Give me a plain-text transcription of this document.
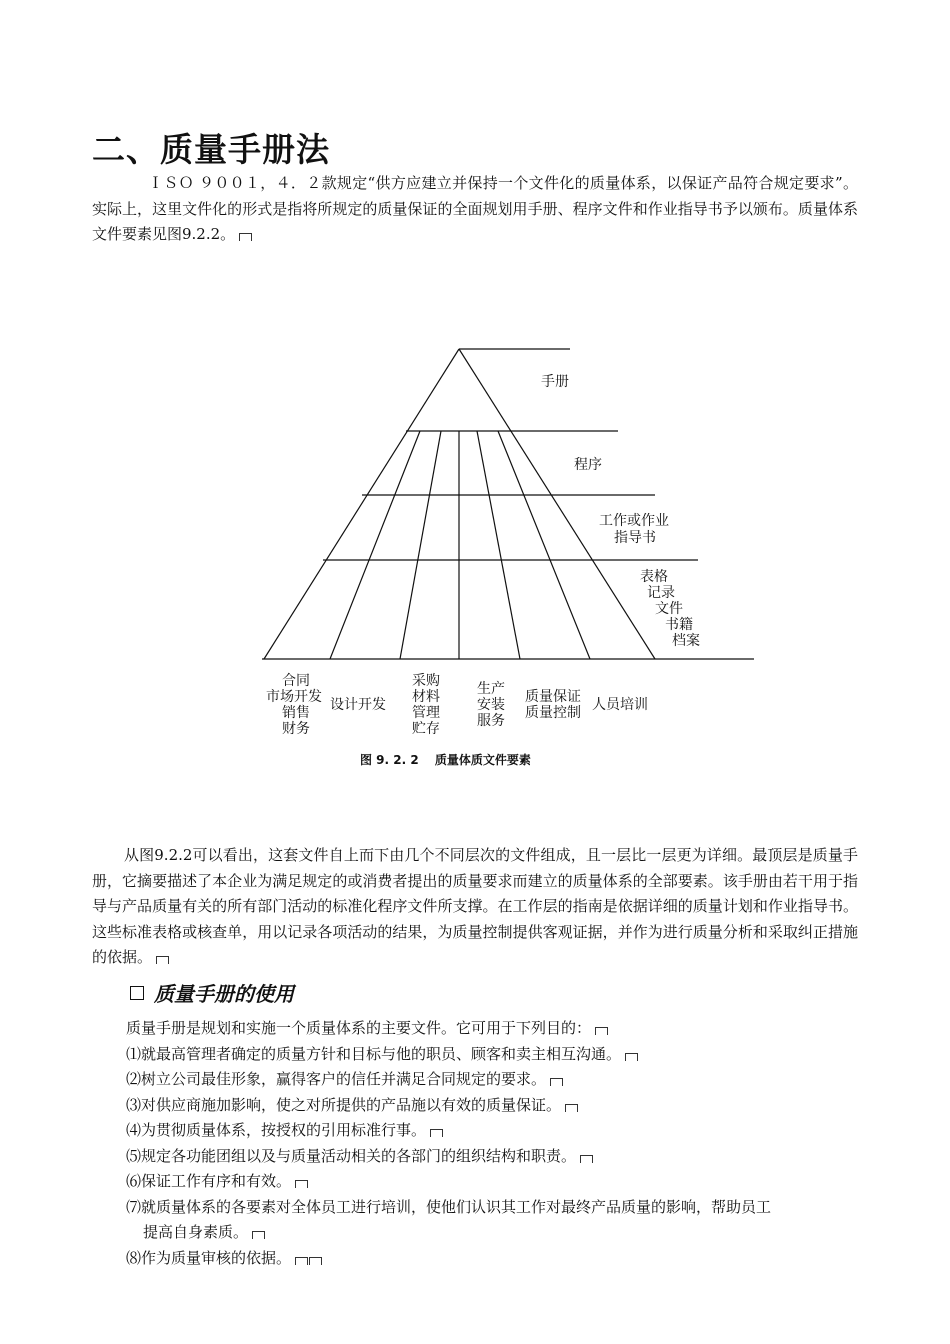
二、质量手册法

ＩＳＯ ９００１，４．２款规定“供方应建立并保持一个文件化的质量体系，以保证产品符合规定要求”。实际上，这里文件化的形式是指将所规定的质量保证的全面规划用手册、程序文件和作业指导书予以颁布。质量体系文件要素见图9.2.2。

手册
程序
工作或作业
指导书
表格
记录
文件
书籍
档案
合同
市场开发
销售
财务
设计开发
采购
材料
管理
贮存
生产
安装
服务
质量保证
质量控制 人员培训
图 9. 2. 2　 质量体质文件要素

从图9.2.2可以看出，这套文件自上而下由几个不同层次的文件组成，且一层比一层更为详细。最顶层是质量手册，它摘要描述了本企业为满足规定的或消费者提出的质量要求而建立的质量体系的全部要素。该手册由若干用于指导与产品质量有关的所有部门活动的标准化程序文件所支撑。在工作层的指南是依据详细的质量计划和作业指导书。这些标准表格或核查单，用以记录各项活动的结果，为质量控制提供客观证据，并作为进行质量分析和采取纠正措施的依据。

质量手册的使用
质量手册是规划和实施一个质量体系的主要文件。它可用于下列目的：
⑴就最高管理者确定的质量方针和目标与他的职员、顾客和卖主相互沟通。
⑵树立公司最佳形象，赢得客户的信任并满足合同规定的要求。
⑶对供应商施加影响，使之对所提供的产品施以有效的质量保证。
⑷为贯彻质量体系，按授权的引用标准行事。
⑸规定各功能团组以及与质量活动相关的各部门的组织结构和职责。
⑹保证工作有序和有效。
⑺就质量体系的各要素对全体员工进行培训，使他们认识其工作对最终产品质量的影响，帮助员工
提高自身素质。
⑻作为质量审核的依据。
